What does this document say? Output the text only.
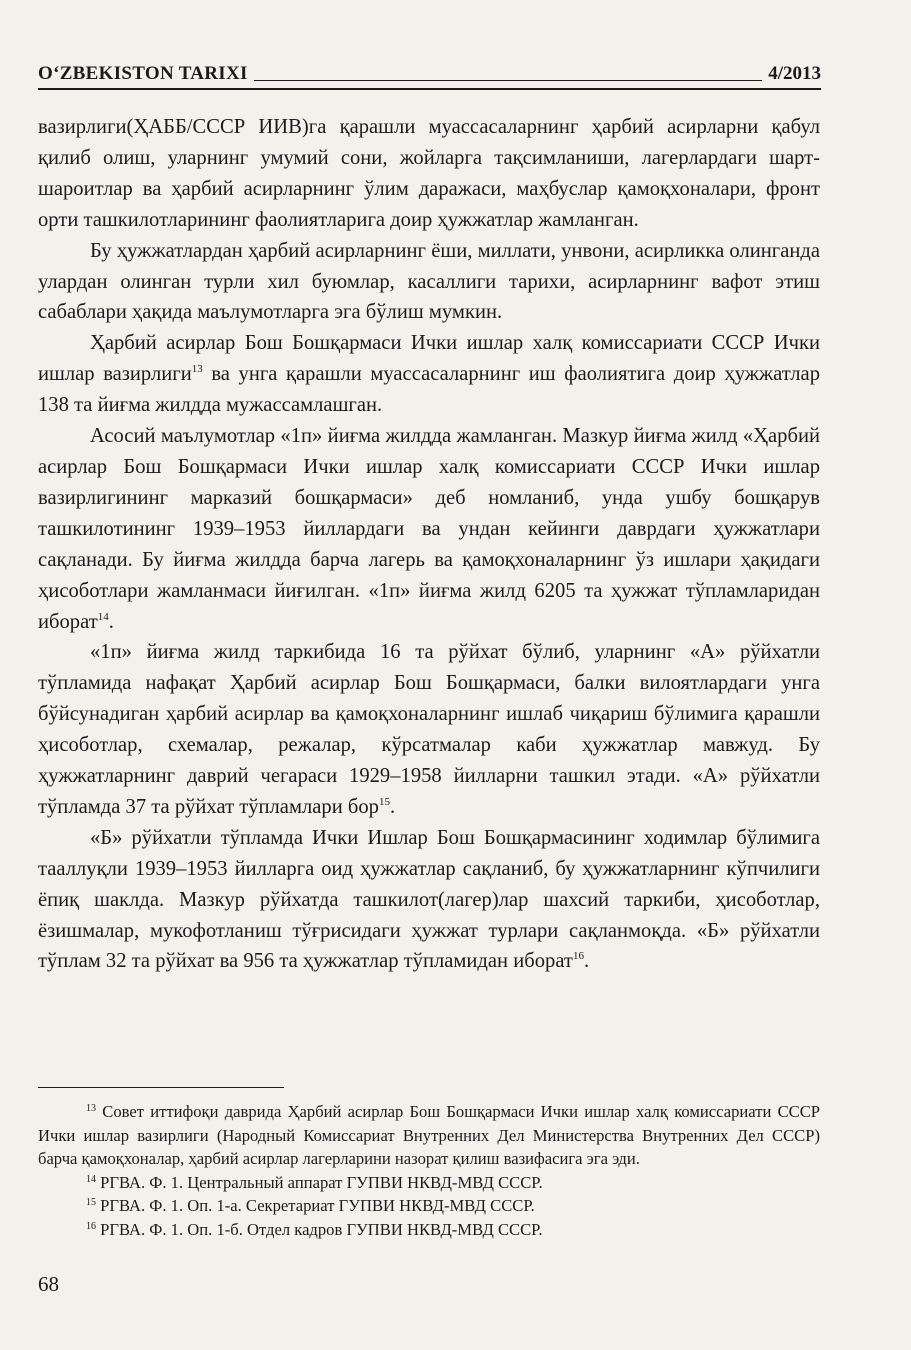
O‘ZBEKISTON TARIXI	4/2013

вазирлиги(ҲАББ/СССР ИИВ)га қарашли муассасаларнинг ҳарбий асирларни қабул қилиб олиш, уларнинг умумий сони, жойларга тақсимланиши, лагерлардаги шарт-шароитлар ва ҳарбий асирларнинг ўлим даражаси, маҳбуслар қамоқхоналари, фронт орти ташкилотларининг фаолиятларига доир ҳужжатлар жамланган.

Бу ҳужжатлардан ҳарбий асирларнинг ёши, миллати, унвони, асирликка олинганда улардан олинган турли хил буюмлар, касаллиги тарихи, асирларнинг вафот этиш сабаблари ҳақида маълумотларга эга бўлиш мумкин.

Ҳарбий асирлар Бош Бошқармаси Ички ишлар халқ комиссариати СССР Ички ишлар вазирлиги$^{13}$ ва унга қарашли муассасаларнинг иш фаолиятига доир ҳужжатлар 138 та йиғма жилдда мужассамлашган.

Асосий маълумотлар «1п» йиғма жилдда жамланган. Мазкур йиғма жилд «Ҳарбий асирлар Бош Бошқармаси Ички ишлар халқ комиссариати СССР Ички ишлар вазирлигининг марказий бошқармаси» деб номланиб, унда ушбу бошқарув ташкилотининг 1939–1953 йиллардаги ва ундан кейинги даврдаги ҳужжатлари сақланади. Бу йиғма жилдда барча лагерь ва қамоқхоналарнинг ўз ишлари ҳақидаги ҳисоботлари жамланмаси йиғилган. «1п» йиғма жилд 6205 та ҳужжат тўпламларидан иборат$^{14}$.

«1п» йиғма жилд таркибида 16 та рўйхат бўлиб, уларнинг «А» рўйхатли тўпламида нафақат Ҳарбий асирлар Бош Бошқармаси, балки вилоятлардаги унга бўйсунадиган ҳарбий асирлар ва қамоқхоналарнинг ишлаб чиқариш бўлимига қарашли ҳисоботлар, схемалар, режалар, кўрсатмалар каби ҳужжатлар мавжуд. Бу ҳужжатларнинг даврий чегараси 1929–1958 йилларни ташкил этади. «А» рўйхатли тўпламда 37 та рўйхат тўпламлари бор$^{15}$.

«Б» рўйхатли тўпламда Ички Ишлар Бош Бошқармасининг ходимлар бўлимига тааллуқли 1939–1953 йилларга оид ҳужжатлар сақланиб, бу ҳужжатларнинг кўпчилиги ёпиқ шаклда. Мазкур рўйхатда ташкилот(лагер)лар шахсий таркиби, ҳисоботлар, ёзишмалар, мукофотланиш тўғрисидаги ҳужжат турлари сақланмоқда. «Б» рўйхатли тўплам 32 та рўйхат ва 956 та ҳужжатлар тўпламидан иборат$^{16}$.

$^{13}$ Совет иттифоқи даврида Ҳарбий асирлар Бош Бошқармаси Ички ишлар халқ комиссариати СССР Ички ишлар вазирлиги (Народный Комиссариат Внутренних Дел Министерства Внутренних Дел СССР) барча қамоқхоналар, ҳарбий асирлар лагерларини назорат қилиш вазифасига эга эди.

$^{14}$ РГВА. Ф. 1. Центральный аппарат ГУПВИ НКВД-МВД СССР.

$^{15}$ РГВА. Ф. 1. Оп. 1-а. Секретариат ГУПВИ НКВД-МВД СССР.

$^{16}$ РГВА. Ф. 1. Оп. 1-б. Отдел кадров ГУПВИ НКВД-МВД СССР.

68
